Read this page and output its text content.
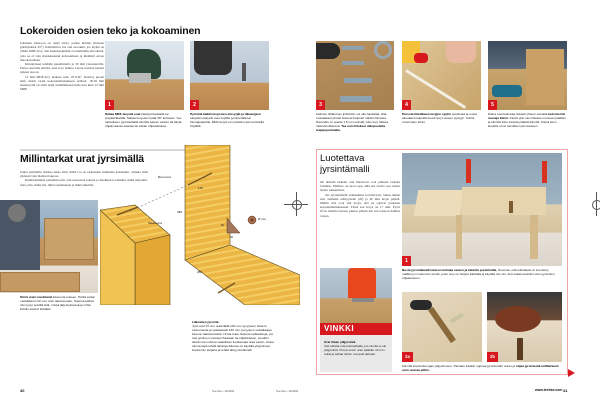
Lokeroiden osien teko ja kokoaminen

Jokainen lokeroon on neljä sivua, joiden kulmat jiirataan (päätyhuulat 45°). Kulmaliitos saa olla suorakin, jos leyhsi on vähän MDF-levy. Sen katkokseipäistä on niemittäin alla sininä, jotta se ei vain muokkaannut kohoaamaan ja kiemistä eeven muodostamaan.

Kiinnitykset tehdään puualiimalla ja 30 mm ylerastereilla. Pensa rauveille eittäisi, ettei levy halkea. Upota ruuvien kannat pinnan tasoon.

12 mm MDF-levy maksaa noin 18 €/m². Isolaloy puolet siitä, mutta vaatii kokonaistilaisuuteen eräässä. 18/18 mm lastulevyllä on vielä neljä seinämäkseen kahvosaa kuin 12 mm MDF.

1
Sahaa MDF-levystä osat käsipyörösahalla tai pöytäsirkkelillä. Sahaa levyosien päät 45° kulmaan. Yee sahauksen pyörösahalla kiinnitä tukeen vasten tai käytä ohjainvaaraa saanaa tai sahan ohjauskiskoa.
2
Pyöristä kaikki levyosien etusyrjät ja takaaryjien ulospäin näkyvät osat sopiilla jyrsinterällä tai hiomapaperilla. MDF-levyä voi työstää myös teräosilla höylällä.
3
Kalmien liittäminen jiiritoksiin voi olla hankalaa, sillä ruotsalaiset pinnat liukuvat helposti mäisiin liimasta. Nauvaillo on poatta 1,5 mm esinalit, ettei levy halkea niitä kiinnittäessä. Tee ensi liitokset ulkopuolelta teippiepuristalla.
4
Pursota liitettävien levyjen syrjiin puuliimaa ja nosta aluetaanti teipeillä tuetut levyt varoen pystyyn. Kiertä ruuvit siten kiinni.
5
Paina osat kalmaaa tiukasti yhteen samalla kuin kierrät ruuveja kiinni. Kiertä yksi ruuvi liitoksen reisean päähän ja kiinnitä liitos toiselta päästä kiinnitä. Kiertä siten kiedelle ruuvi samalla myös kiedeen.
Millintarkat urat jyrsimällä

Jatkat pöitimäin tarkkaa lakaa siitä, mikä voi on tarkastettu miinkään kokeiluun, valikka liitat yhdessä vain hieman lokeroa.

Runtiteleminen paineikin uriit, että nouseevat lokeret ja merkkiarvot mikäin, mikä remontin-tulos ylös, mikä siis, mikä vanemanele ja mikä eikerille.

Siirrä urien merkinnät lokerosta toiseen. Pöritä seläsi merkkikkuri niin etu- kuin takareunaan. Suenna katkat, niin pysyt selvillä siitä, missä järjestyksessä ja mihin kohtiin lokerot liitetään.
Bounorna
Takareuna
280
130
280
60
60
Ø mm
Lilkoarlen jyrsintä
Jyrsi urat 13 mm urateräillä 130 mm syvyyteen lokeron etureunasta ja vastaavasti 130 mm syvyyteen vastaikkaan lokeron takareunaista. Urista tulee helposti epätarkkoja, jos tuet jyrsimen suoraan ihastaan tai ohjainkiskon, soudirin tämän tuen siirtoa vaalellisen koukaunaa uraa varten. Ainoa varma tapa tehdä tarkkoja liikossa on käyttää ylöjyrsimen kopioinnin terijarta ja tehdä alla jyrsintämalli.
40	Tee Itse • 11/2004
Luotettava
jyrsintämalli

On tärkeää tärkeää, että liitosuorit ovat pituussi tarkasti toisiinsa. Mallisto on suora apu, sillä sen avulla saat ratsitu täysin samanlaiset.

Tee jyrsintämalli esimerkiksi kovalevystä. Sahaa siihen urat olemalle etäisyydelle (20) ja 40 mm levyn päästä. Mallin urat ovat sitä levyä, että ne sopivat jyrsimen kopiointiholkkaaseen. Tässä sen levys on 17 mm. Pyöri fir'on mallin toisesee pituisa päässä niit sen lokeron halmas vasten.

VINKKI
Urat ilman yläjyrsintä
Voit sahata urat pistosahalla, jos sinulla ei ole yläjyrsintä. Porua ensin uran päähän 13 mm reikä ja sahaa siihen ura auki tarkasti.
1
Nosta jyrsintämalli lokeron kulmaa vasten ja kiinnitä puristimilla. Huomaa, että tukiräkeät on k-lentetty mallilevyn molemmin puolin, joten levy on helppo kääntää ja käyttää niin etu- kuin takareunaintin urien jyrsimien ohjaamiseen.
2a	2b
Kiinnitä kopiointirengas yläjyrsimeen. Painaan käsikin uppoaa jyrsinterälin uraan ja ohjaa jyrsinterää millitarkasti uran reunaa pitkin.
Tee Itse • 11/2004	www.teeitse.com 41
